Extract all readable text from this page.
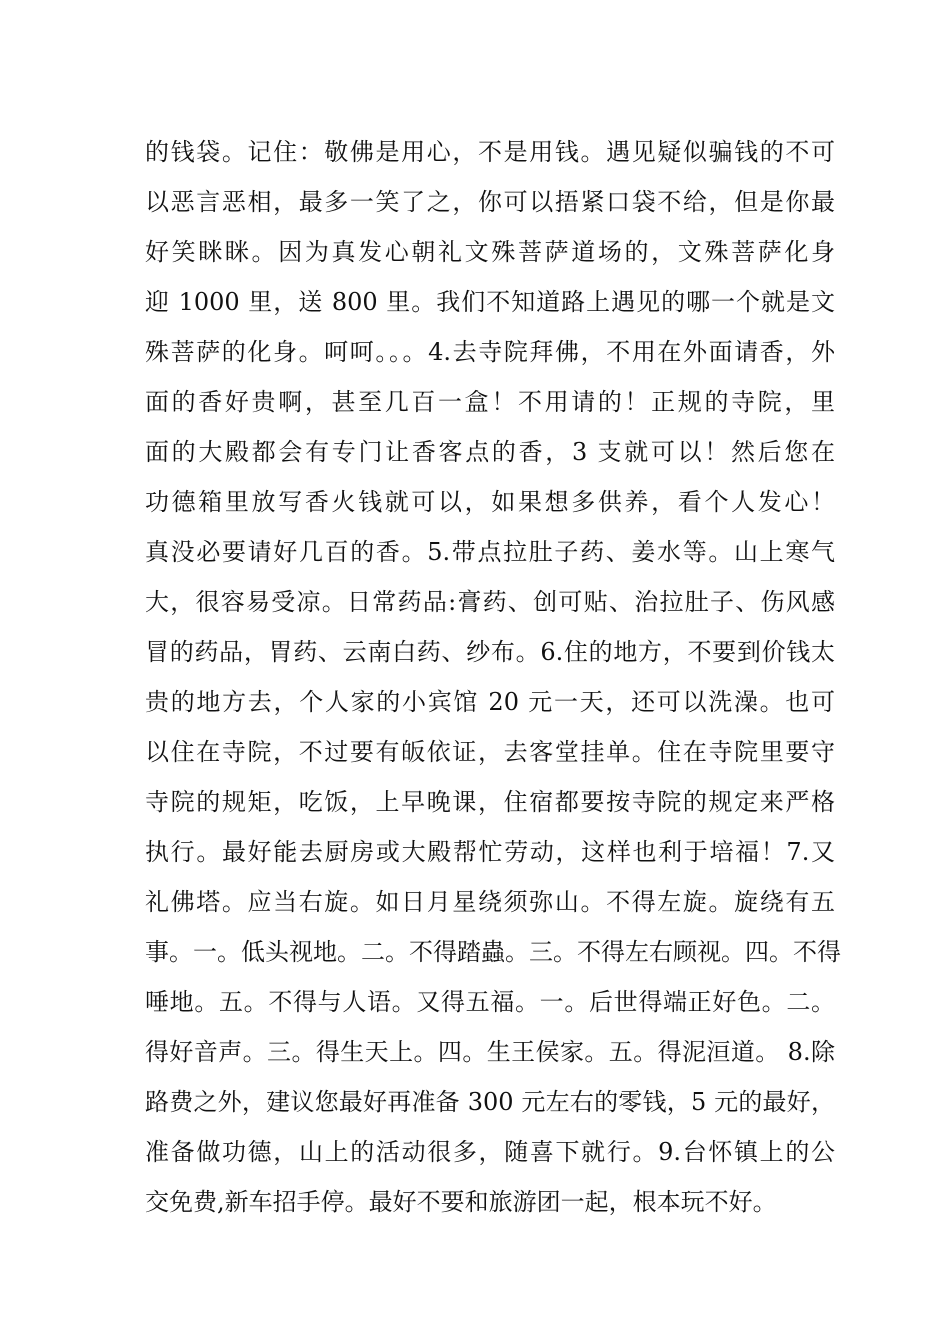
的钱袋。记住：敬佛是用心，不是用钱。遇见疑似骗钱的不可
以恶言恶相，最多一笑了之，你可以捂紧口袋不给，但是你最
好笑眯眯。因为真发心朝礼文殊菩萨道场的，文殊菩萨化身
迎 1000 里，送 800 里。我们不知道路上遇见的哪一个就是文
殊菩萨的化身。呵呵。。。4.去寺院拜佛，不用在外面请香，外
面的香好贵啊，甚至几百一盒！不用请的！正规的寺院，里
面的大殿都会有专门让香客点的香，3 支就可以！然后您在
功德箱里放写香火钱就可以，如果想多供养，看个人发心！
真没必要请好几百的香。5.带点拉肚子药、姜水等。山上寒气
大，很容易受凉。日常药品:膏药、创可贴、治拉肚子、伤风感
冒的药品，胃药、云南白药、纱布。6.住的地方，不要到价钱太
贵的地方去，个人家的小宾馆 20 元一天，还可以洗澡。也可
以住在寺院，不过要有皈依证，去客堂挂单。住在寺院里要守
寺院的规矩，吃饭，上早晚课，住宿都要按寺院的规定来严格
执行。最好能去厨房或大殿帮忙劳动，这样也利于培福！7.又
礼佛塔。应当右旋。如日月星绕须弥山。不得左旋。旋绕有五
事。一。低头视地。二。不得踏蟲。三。不得左右顾视。四。不得
唾地。五。不得与人语。又得五福。一。后世得端正好色。二。
得好音声。三。得生天上。四。生王侯家。五。得泥洹道。 8.除
路费之外，建议您最好再准备 300 元左右的零钱，5 元的最好，
准备做功德，山上的活动很多，随喜下就行。9.台怀镇上的公
交免费,新车招手停。最好不要和旅游团一起，根本玩不好。
